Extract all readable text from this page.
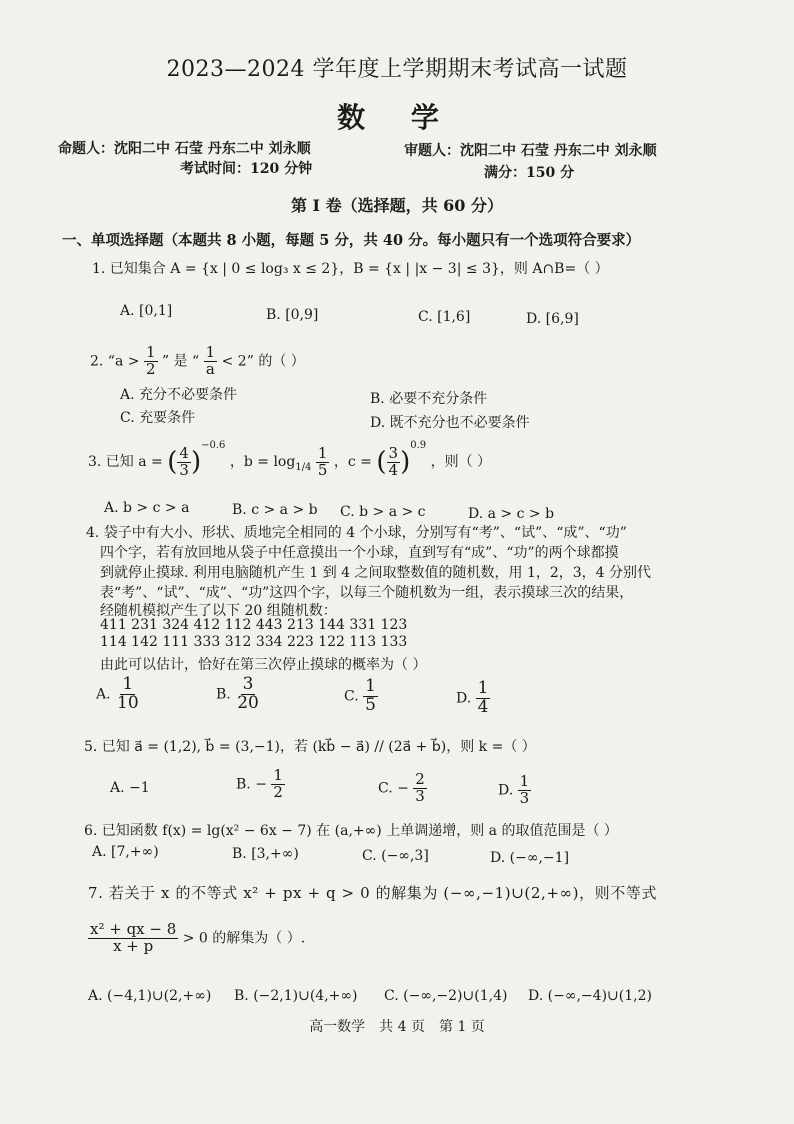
2023—2024 学年度上学期期末考试高一试题
数 学
命题人：沈阳二中 石莹 丹东二中 刘永顺	审题人：沈阳二中 石莹 丹东二中 刘永顺
考试时间：120 分钟	满分：150 分
第 Ⅰ 卷（选择题，共 60 分）
一、单项选择题（本题共 8 小题，每题 5 分，共 40 分。每小题只有一个选项符合要求）
1. 已知集合 A = {x | 0 ≤ log₃ x ≤ 2}，B = {x | |x − 3| ≤ 3}，则 A∩B=（ ）
A. [0,1]	B. [0,9]	C. [1,6]	D. [6,9]
2. “$a > \frac{1}{2}$ ” 是 “ $\frac{1}{a} < 2$” 的（ ）
A. 充分不必要条件	B. 必要不充分条件
C. 充要条件	D. 既不充分也不必要条件
3. 已知 a = ( $\frac{4}{3} )^{-0.6}$ ，$b = \log_{1/4} \frac{1}{5}$ ，c = ( $\frac{3}{4} )^{0.9}$ ，则（ ）
A. b > c > a	B. c > a > b C. b > a > c	D. a > c > b
4. 袋子中有大小、形状、质地完全相同的 4 个小球，分别写有“考”、“试”、“成”、“功”
四个字，若有放回地从袋子中任意摸出一个小球，直到写有“成”、“功”的两个球都摸
到就停止摸球. 利用电脑随机产生 1 到 4 之间取整数值的随机数，用 1，2，3，4 分别代
表“考”、“试”、“成”、“功”这四个字，以每三个随机数为一组，表示摸球三次的结果，
经随机模拟产生了以下 20 组随机数：
411 231 324 412 112 443 213 144 331 123
114 142 111 333 312 334 223 122 113 133
由此可以估计，恰好在第三次停止摸球的概率为（ ）
A. $\frac{1}{10}$	B. $\frac{3}{20}$	C. $\frac{1}{5}$	D. $\frac{1}{4}$
5. 已知 a⃗ = (1,2), b⃗ = (3,−1)，若 (kb⃗ − a⃗) // (2a⃗ + b⃗)，则 k =（ ）
A. −1	B. − $\frac{1}{2}$	C. − $\frac{2}{3}$	D. $\frac{1}{3}$
6. 已知函数 f(x) = lg(x² − 6x − 7) 在 (a,+∞) 上单调递增，则 a 的取值范围是（ ）
A. [7,+∞)	B. [3,+∞)	C. (−∞,3]	D. (−∞,−1]
7. 若关于 x 的不等式 x² + px + q > 0 的解集为 (−∞,−1)∪(2,+∞)，则不等式
$\frac{\text{x² + qx − 8}}{x + p} > 0$ 的解集为（ ）.
A. (−4,1)∪(2,+∞) B. (−2,1)∪(4,+∞) C. (−∞,−2)∪(1,4) D. (−∞,−4)∪(1,2)
高一数学　共 4 页　第 1 页
